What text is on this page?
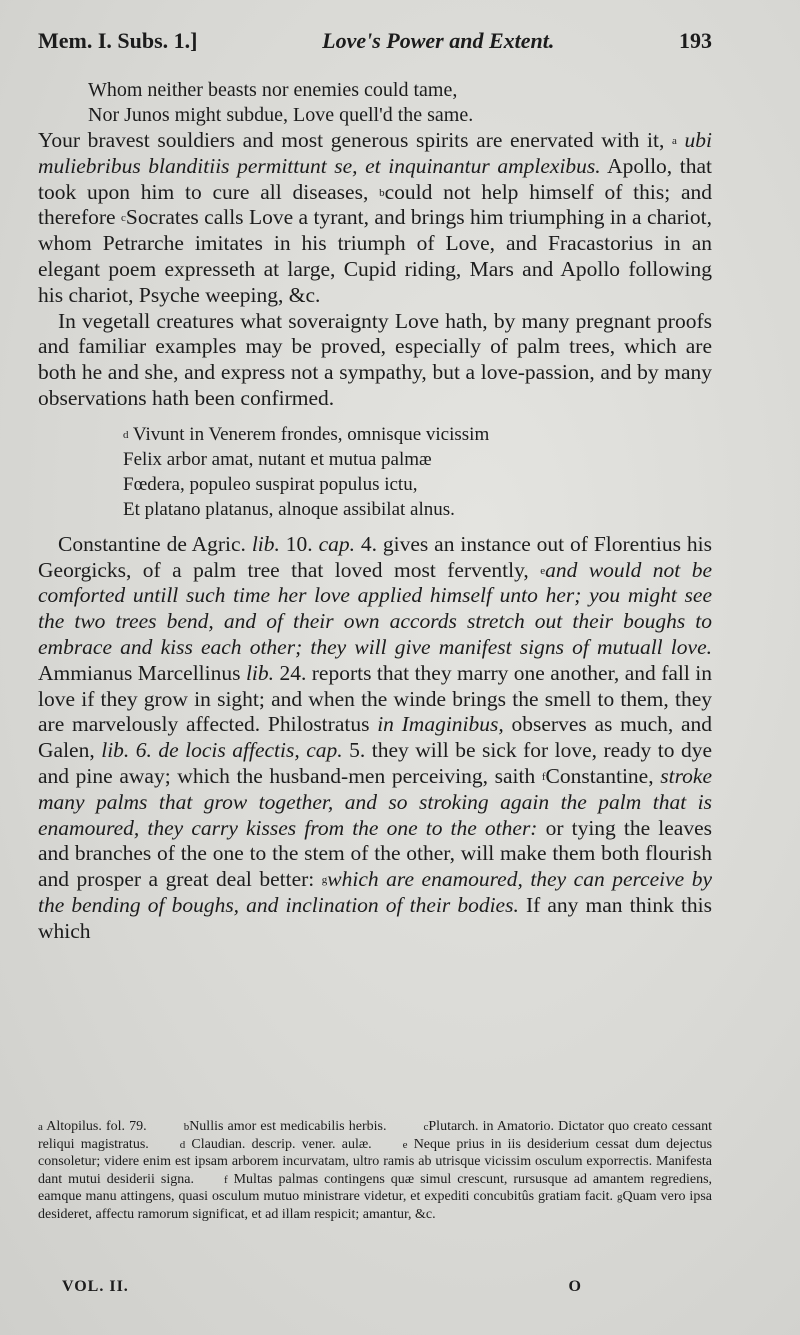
Mem. I. Subs. 1.]	Love's Power and Extent.	193
Whom neither beasts nor enemies could tame,
Nor Junos might subdue, Love quell'd the same.

Your bravest souldiers and most generous spirits are enervated with it, $^a$ ubi muliebribus blanditiis permittunt se, et inquinantur amplexibus. Apollo, that took upon him to cure all diseases, $^b$could not help himself of this; and therefore $^c$Socrates calls Love a tyrant, and brings him triumphing in a chariot, whom Petrarche imitates in his triumph of Love, and Fracastorius in an elegant poem expresseth at large, Cupid riding, Mars and Apollo following his chariot, Psyche weeping, &c.

In vegetall creatures what soveraignty Love hath, by many pregnant proofs and familiar examples may be proved, especially of palm trees, which are both he and she, and express not a sympathy, but a love-passion, and by many observations hath been confirmed.

$^d$ Vivunt in Venerem frondes, omnisque vicissim
Felix arbor amat, nutant et mutua palmæ
Fœdera, populeo suspirat populus ictu,
Et platano platanus, alnoque assibilat alnus.

Constantine de Agric. lib. 10. cap. 4. gives an instance out of Florentius his Georgicks, of a palm tree that loved most fervently, $^e$and would not be comforted untill such time her love applied himself unto her; you might see the two trees bend, and of their own accords stretch out their boughs to embrace and kiss each other; they will give manifest signs of mutuall love. Ammianus Marcellinus lib. 24. reports that they marry one another, and fall in love if they grow in sight; and when the winde brings the smell to them, they are marvelously affected. Philostratus in Imaginibus, observes as much, and Galen, lib. 6. de locis affectis, cap. 5. they will be sick for love, ready to dye and pine away; which the husband-men perceiving, saith $^f$Constantine, stroke many palms that grow together, and so stroking again the palm that is enamoured, they carry kisses from the one to the other: or tying the leaves and branches of the one to the stem of the other, will make them both flourish and prosper a great deal better: $^g$which are enamoured, they can perceive by the bending of boughs, and inclination of their bodies. If any man think this which

$^a$ Altopilus. fol. 79.	$^b$Nullis amor est medicabilis herbis.	$^c$Plutarch. in Amatorio. Dictator quo creato cessant reliqui magistratus.	$^d$ Claudian. descrip. vener. aulæ.	$^e$ Neque prius in iis desiderium cessat dum dejectus consoletur; videre enim est ipsam arborem incurvatam, ultro ramis ab utrisque vicissim osculum exporrectis. Manifesta dant mutui desiderii signa.	$^f$ Multas palmas contingens quæ simul crescunt, rursusque ad amantem regrediens, eamque manu attingens, quasi osculum mutuo ministrare videtur, et expediti concubitûs gratiam facit. $^g$Quam vero ipsa desideret, affectu ramorum significat, et ad illam respicit; amantur, &c.
VOL. II.	O
